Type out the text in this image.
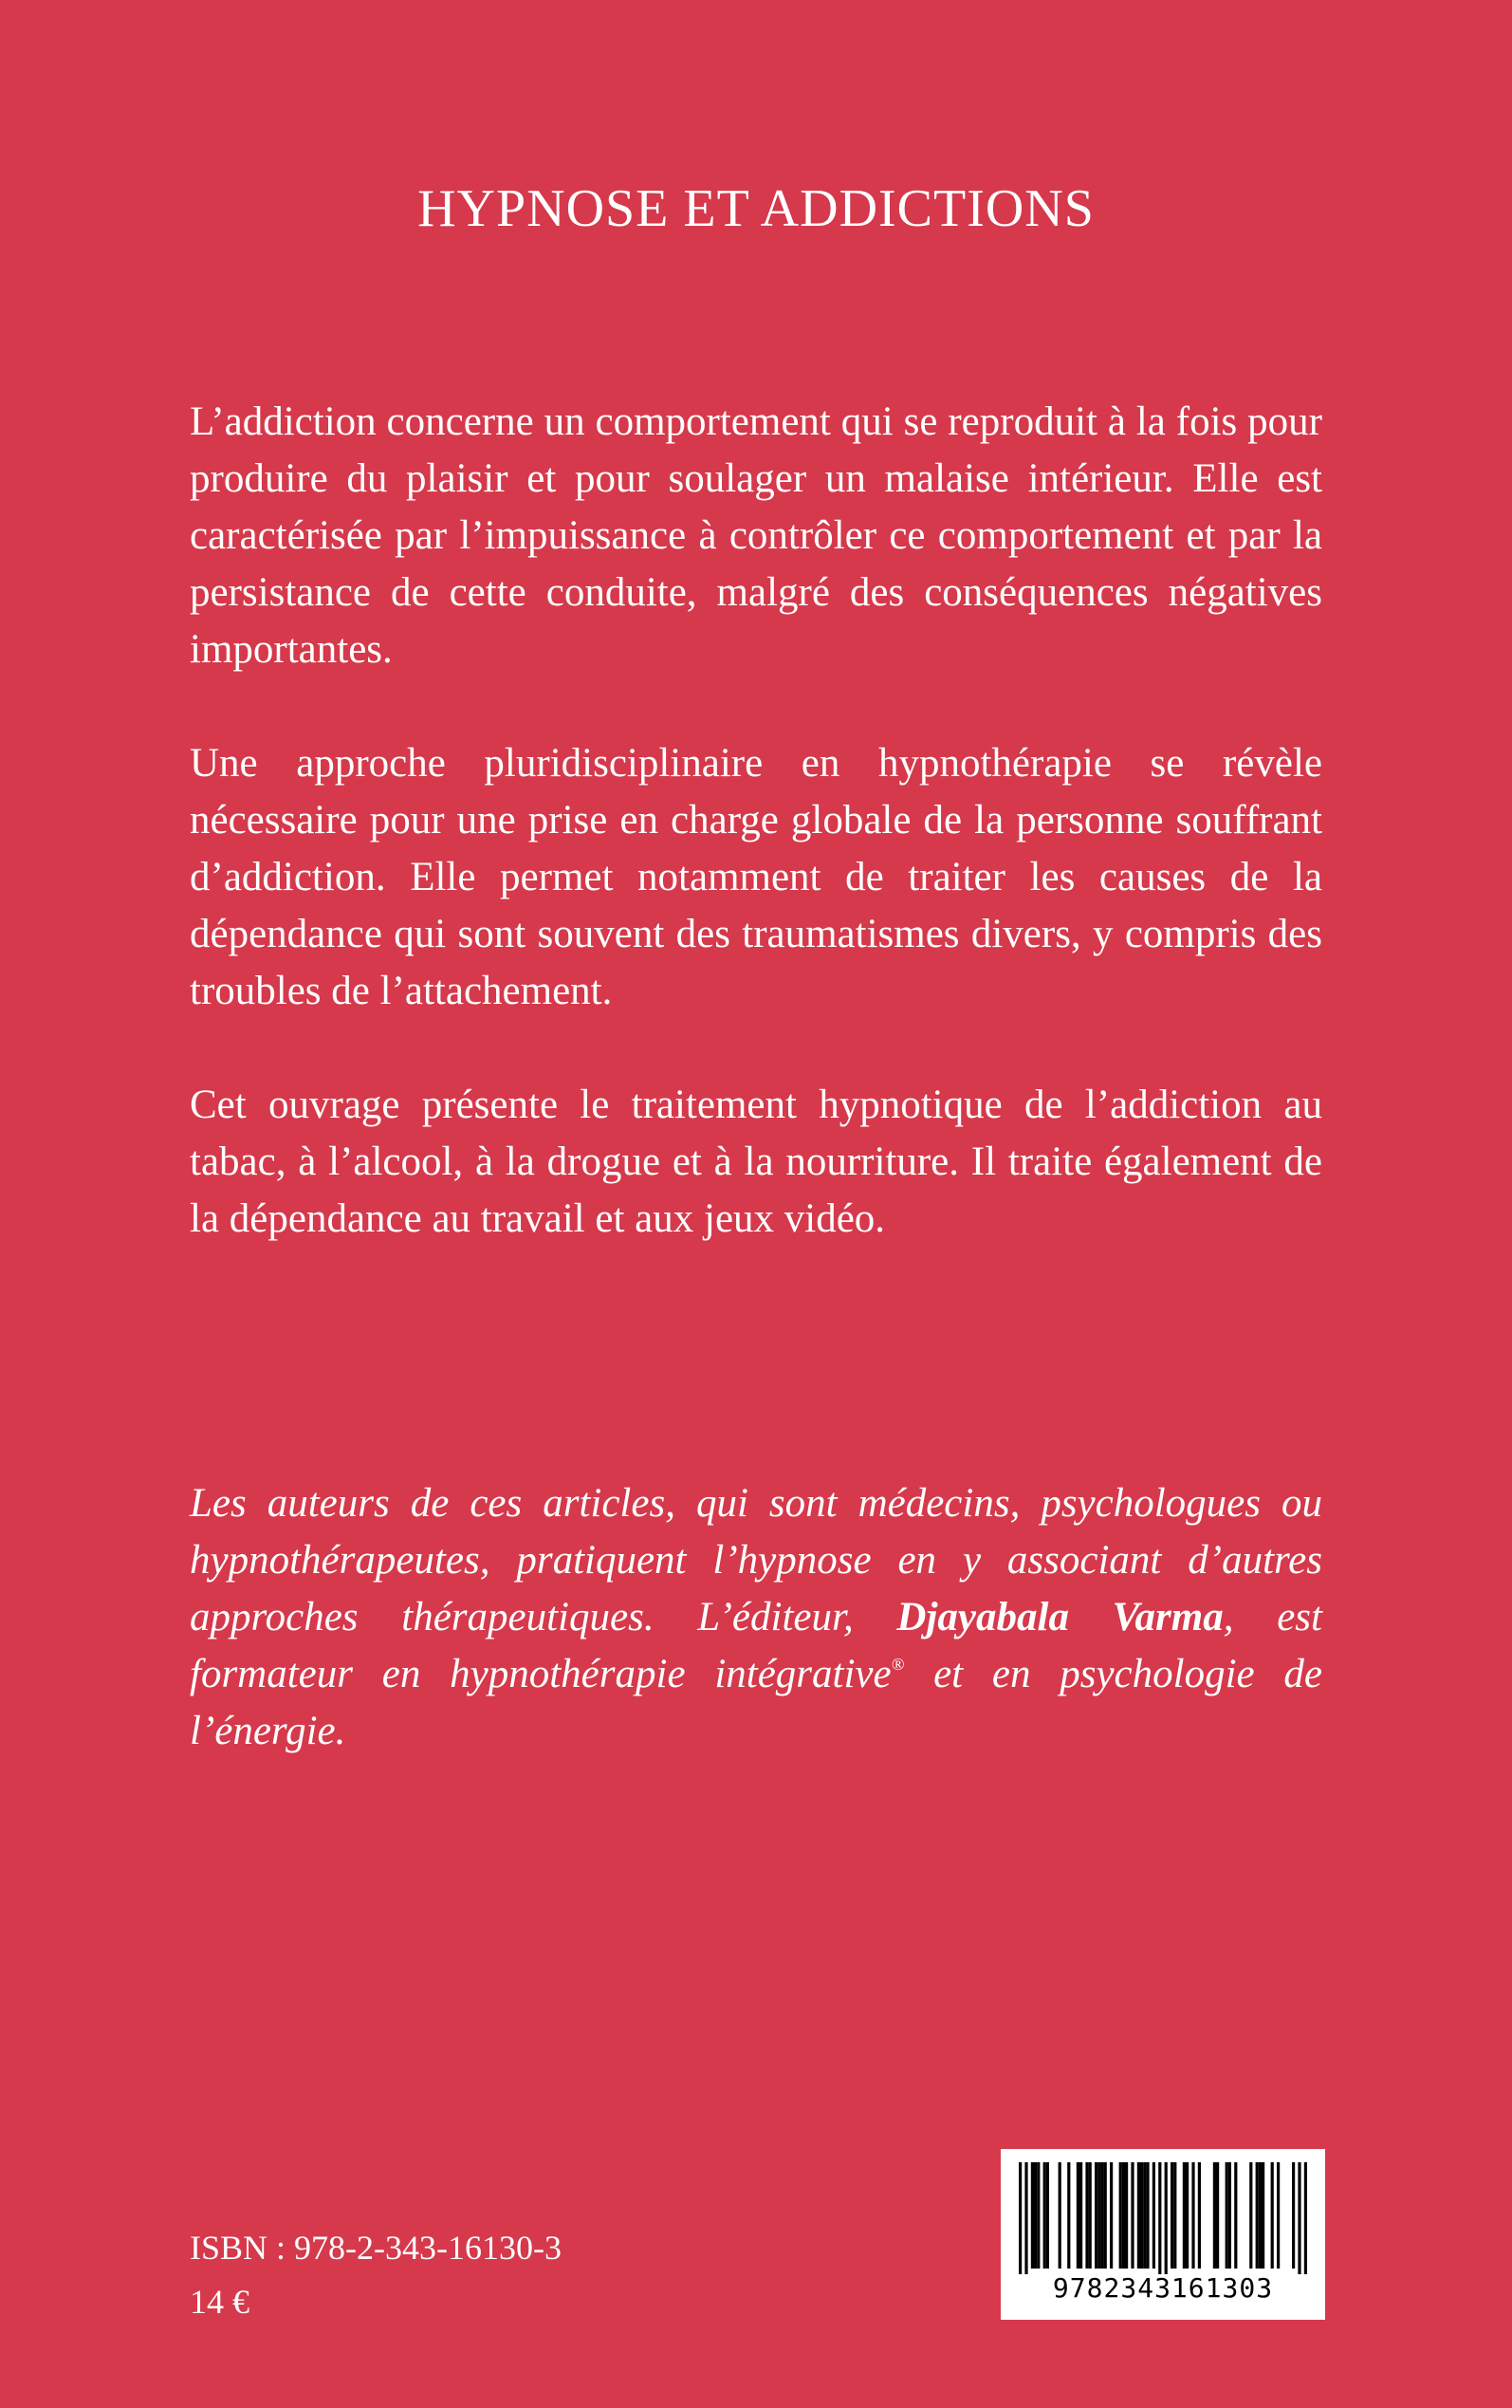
HYPNOSE ET ADDICTIONS

L’addiction concerne un comportement qui se reproduit à la fois pour produire du plaisir et pour soulager un malaise intérieur. Elle est caractérisée par l’impuissance à contrôler ce comportement et par la persistance de cette conduite, malgré des conséquences négatives importantes.

Une approche pluridisciplinaire en hypnothérapie se révèle nécessaire pour une prise en charge globale de la personne souffrant d’addiction. Elle permet notamment de traiter les causes de la dépendance qui sont souvent des traumatismes divers, y compris des troubles de l’attachement.

Cet ouvrage présente le traitement hypnotique de l’addiction au tabac, à l’alcool, à la drogue et à la nourriture. Il traite également de la dépendance au travail et aux jeux vidéo.

Les auteurs de ces articles, qui sont médecins, psychologues ou hypnothérapeutes, pratiquent l’hypnose en y associant d’autres approches thérapeutiques. L’éditeur, Djayabala Varma, est formateur en hypnothérapie intégrative® et en psychologie de l’énergie.

ISBN : 978-2-343-16130-3

14 €	9782343161303
